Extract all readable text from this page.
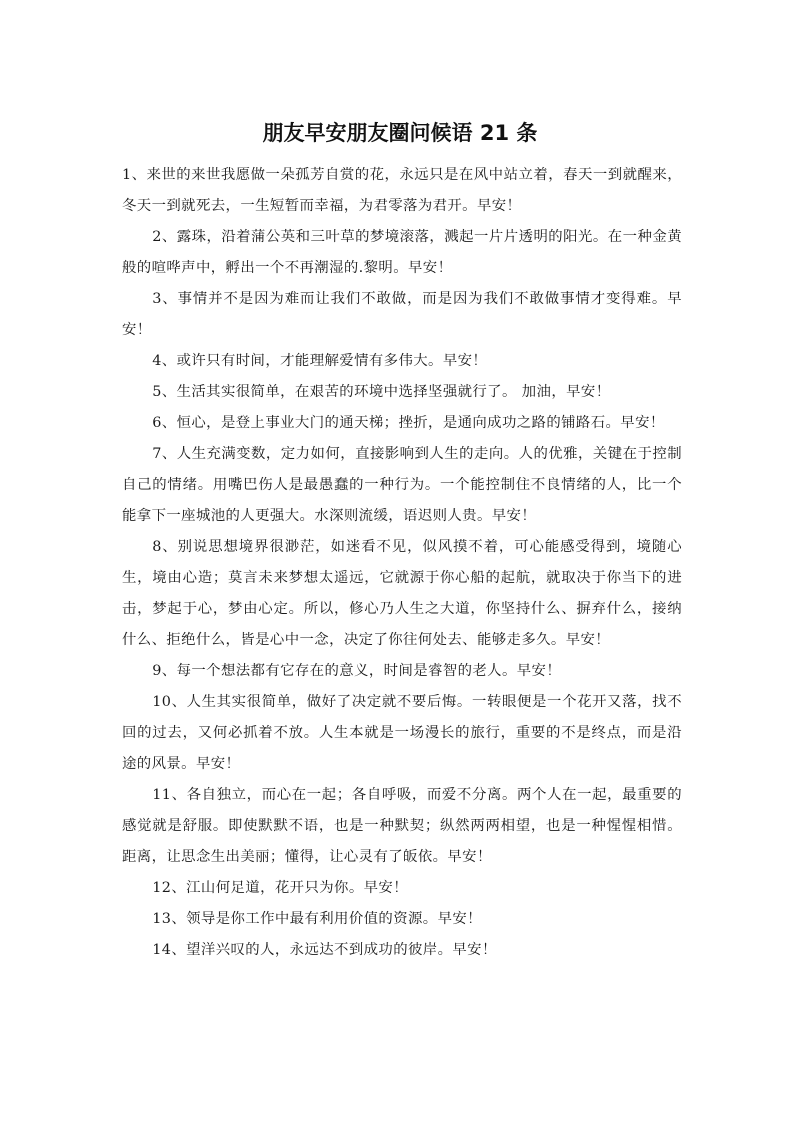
朋友早安朋友圈问候语 21 条

1、来世的来世我愿做一朵孤芳自赏的花，永远只是在风中站立着，春天一到就醒来，冬天一到就死去，一生短暂而幸福，为君零落为君开。早安！

2、露珠，沿着蒲公英和三叶草的梦境滚落，溅起一片片透明的阳光。在一种金黄般的喧哗声中，孵出一个不再潮湿的.黎明。早安！

3、事情并不是因为难而让我们不敢做，而是因为我们不敢做事情才变得难。早安！

4、或许只有时间，才能理解爱情有多伟大。早安！

5、生活其实很简单，在艰苦的环境中选择坚强就行了。 加油，早安！

6、恒心，是登上事业大门的通天梯；挫折，是通向成功之路的铺路石。早安！

7、人生充满变数，定力如何，直接影响到人生的走向。人的优雅，关键在于控制自己的情绪。用嘴巴伤人是最愚蠢的一种行为。一个能控制住不良情绪的人，比一个能拿下一座城池的人更强大。水深则流缓，语迟则人贵。早安！

8、别说思想境界很渺茫，如迷看不见，似风摸不着，可心能感受得到，境随心生，境由心造；莫言未来梦想太遥远，它就源于你心船的起航，就取决于你当下的进击，梦起于心，梦由心定。所以，修心乃人生之大道，你坚持什么、摒弃什么，接纳什么、拒绝什么，皆是心中一念，决定了你往何处去、能够走多久。早安！

9、每一个想法都有它存在的意义，时间是睿智的老人。早安！

10、人生其实很简单，做好了决定就不要后悔。一转眼便是一个花开又落，找不回的过去，又何必抓着不放。人生本就是一场漫长的旅行，重要的不是终点，而是沿途的风景。早安！

11、各自独立，而心在一起；各自呼吸，而爱不分离。两个人在一起，最重要的感觉就是舒服。即使默默不语，也是一种默契；纵然两两相望，也是一种惺惺相惜。距离，让思念生出美丽；懂得，让心灵有了皈依。早安！

12、江山何足道，花开只为你。早安！

13、领导是你工作中最有利用价值的资源。早安！

14、望洋兴叹的人，永远达不到成功的彼岸。早安！
